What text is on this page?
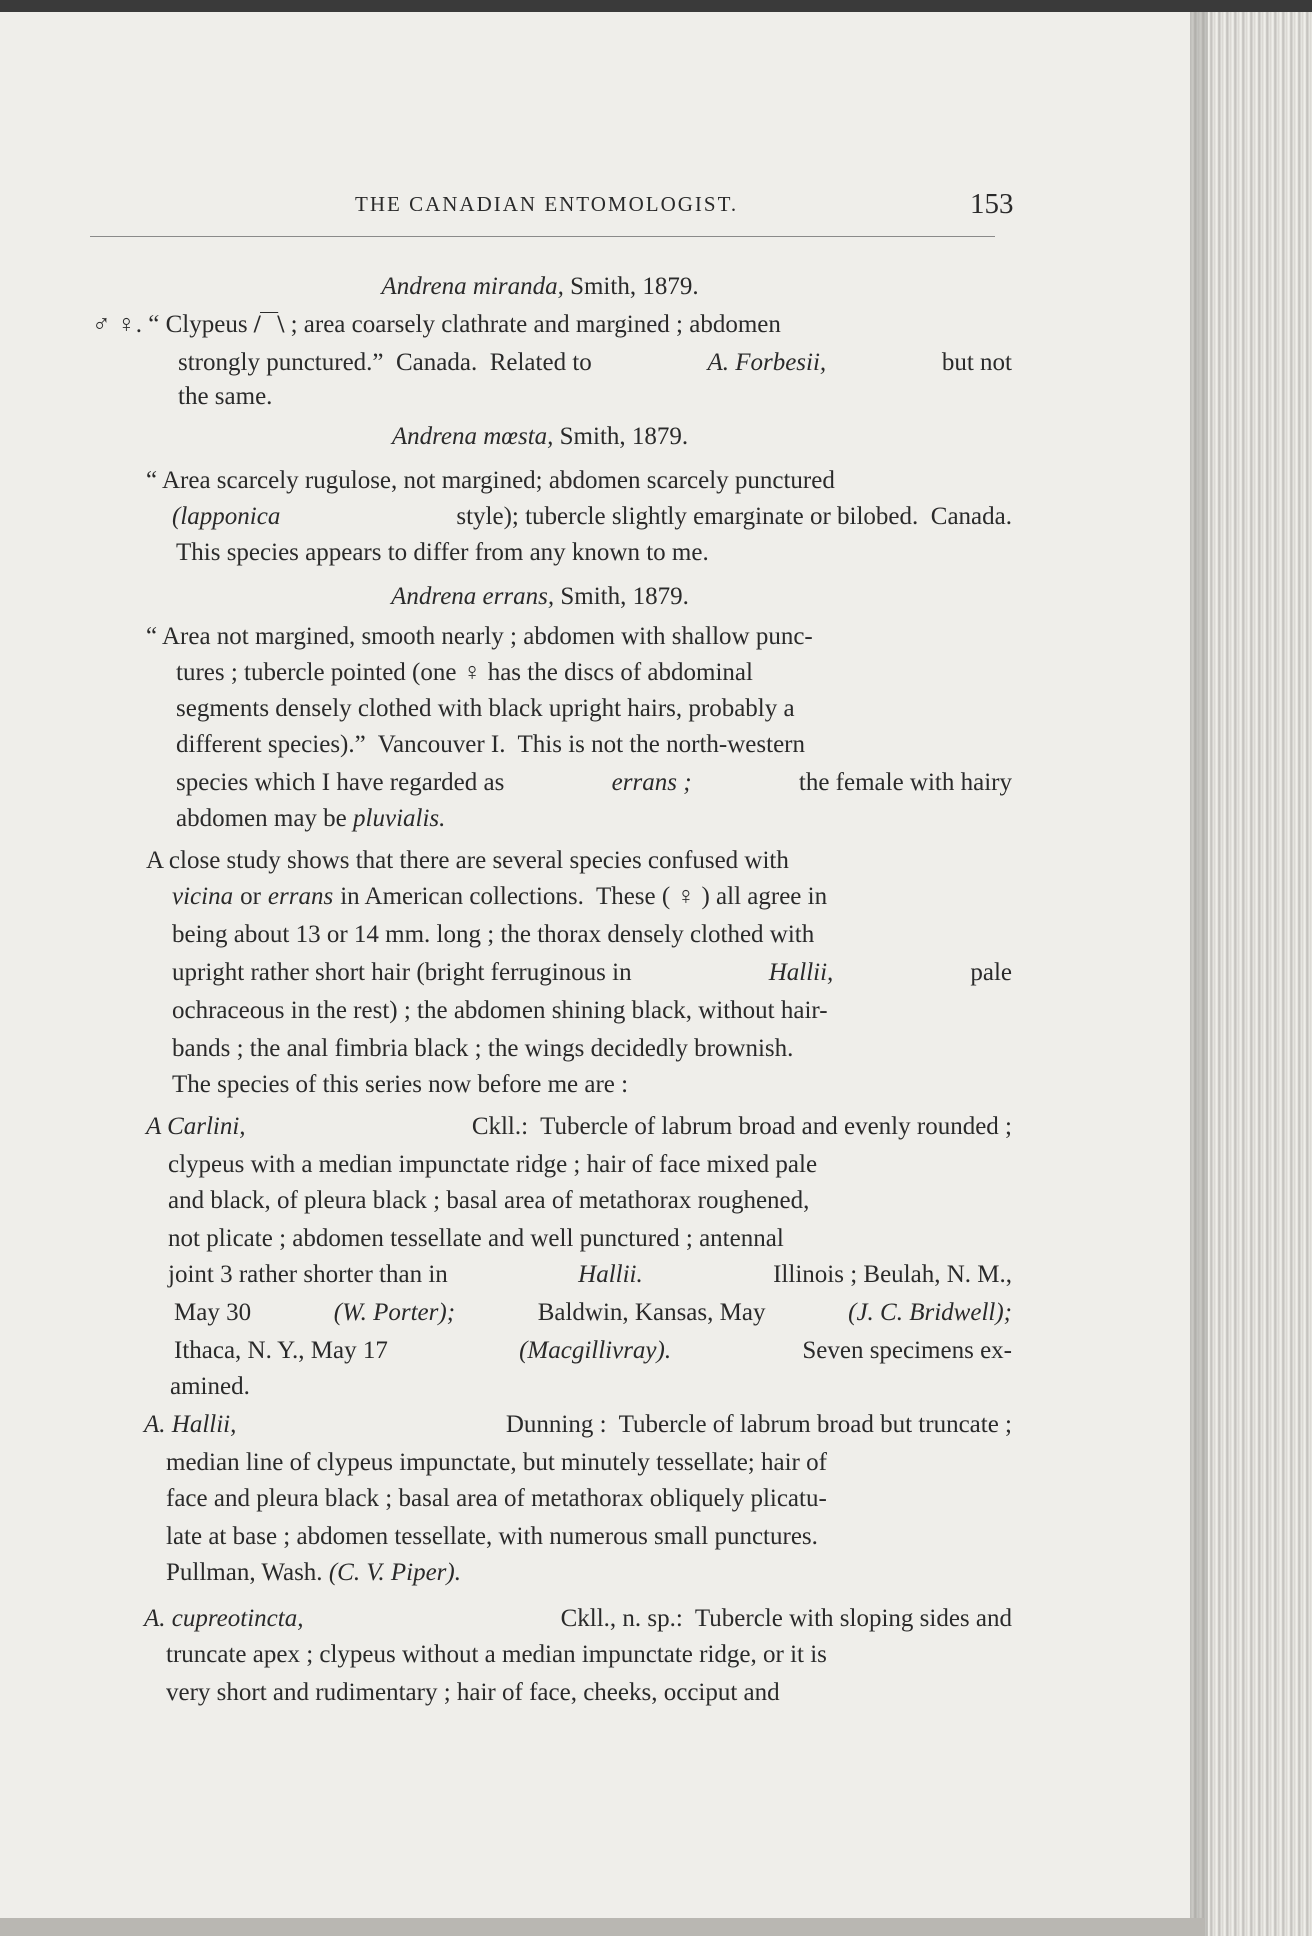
THE CANADIAN ENTOMOLOGIST.	153
Andrena miranda, Smith, 1879.
♂ ♀.
“ Clypeus
/‾‾\
; area coarsely clathrate and margined ; abdomen
strongly punctured.”  Canada.  Related to	A. Forbesii,	but not
the same.
Andrena mœsta, Smith, 1879.
“ Area scarcely rugulose, not margined; abdomen scarcely punctured
(lapponica	style); tubercle slightly emarginate or bilobed.  Canada.
This species appears to differ from any known to me.
Andrena errans, Smith, 1879.
“ Area not margined, smooth nearly ; abdomen with shallow punc-
tures ; tubercle pointed (one ♀ has the discs of abdominal
segments densely clothed with black upright hairs, probably a
different species).”  Vancouver I.  This is not the north-western
species which I have regarded as	errans ;	the female with hairy
abdomen may be
pluvialis.
A close study shows that there are several species confused with
vicina or errans in American collections.  These ( ♀ ) all agree in
being about 13 or 14 mm. long ; the thorax densely clothed with
upright rather short hair (bright ferruginous in	Hallii,	pale
ochraceous in the rest) ; the abdomen shining black, without hair-
bands ; the anal fimbria black ; the wings decidedly brownish.
The species of this series now before me are :
A Carlini,	Ckll.:  Tubercle of labrum broad and evenly rounded ;
clypeus with a median impunctate ridge ; hair of face mixed pale
and black, of pleura black ; basal area of metathorax roughened,
not plicate ; abdomen tessellate and well punctured ; antennal
joint 3 rather shorter than in	Hallii.	Illinois ; Beulah, N. M.,
May 30	(W. Porter);	Baldwin, Kansas, May	(J. C. Bridwell);
Ithaca, N. Y., May 17	(Macgillivray).	Seven specimens ex-
amined.
A. Hallii,	Dunning :  Tubercle of labrum broad but truncate ;
median line of clypeus impunctate, but minutely tessellate; hair of
face and pleura black ; basal area of metathorax obliquely plicatu-
late at base ; abdomen tessellate, with numerous small punctures.
Pullman, Wash.
(C. V. Piper).
A. cupreotincta,	Ckll., n. sp.:  Tubercle with sloping sides and
truncate apex ; clypeus without a median impunctate ridge, or it is
very short and rudimentary ; hair of face, cheeks, occiput and
